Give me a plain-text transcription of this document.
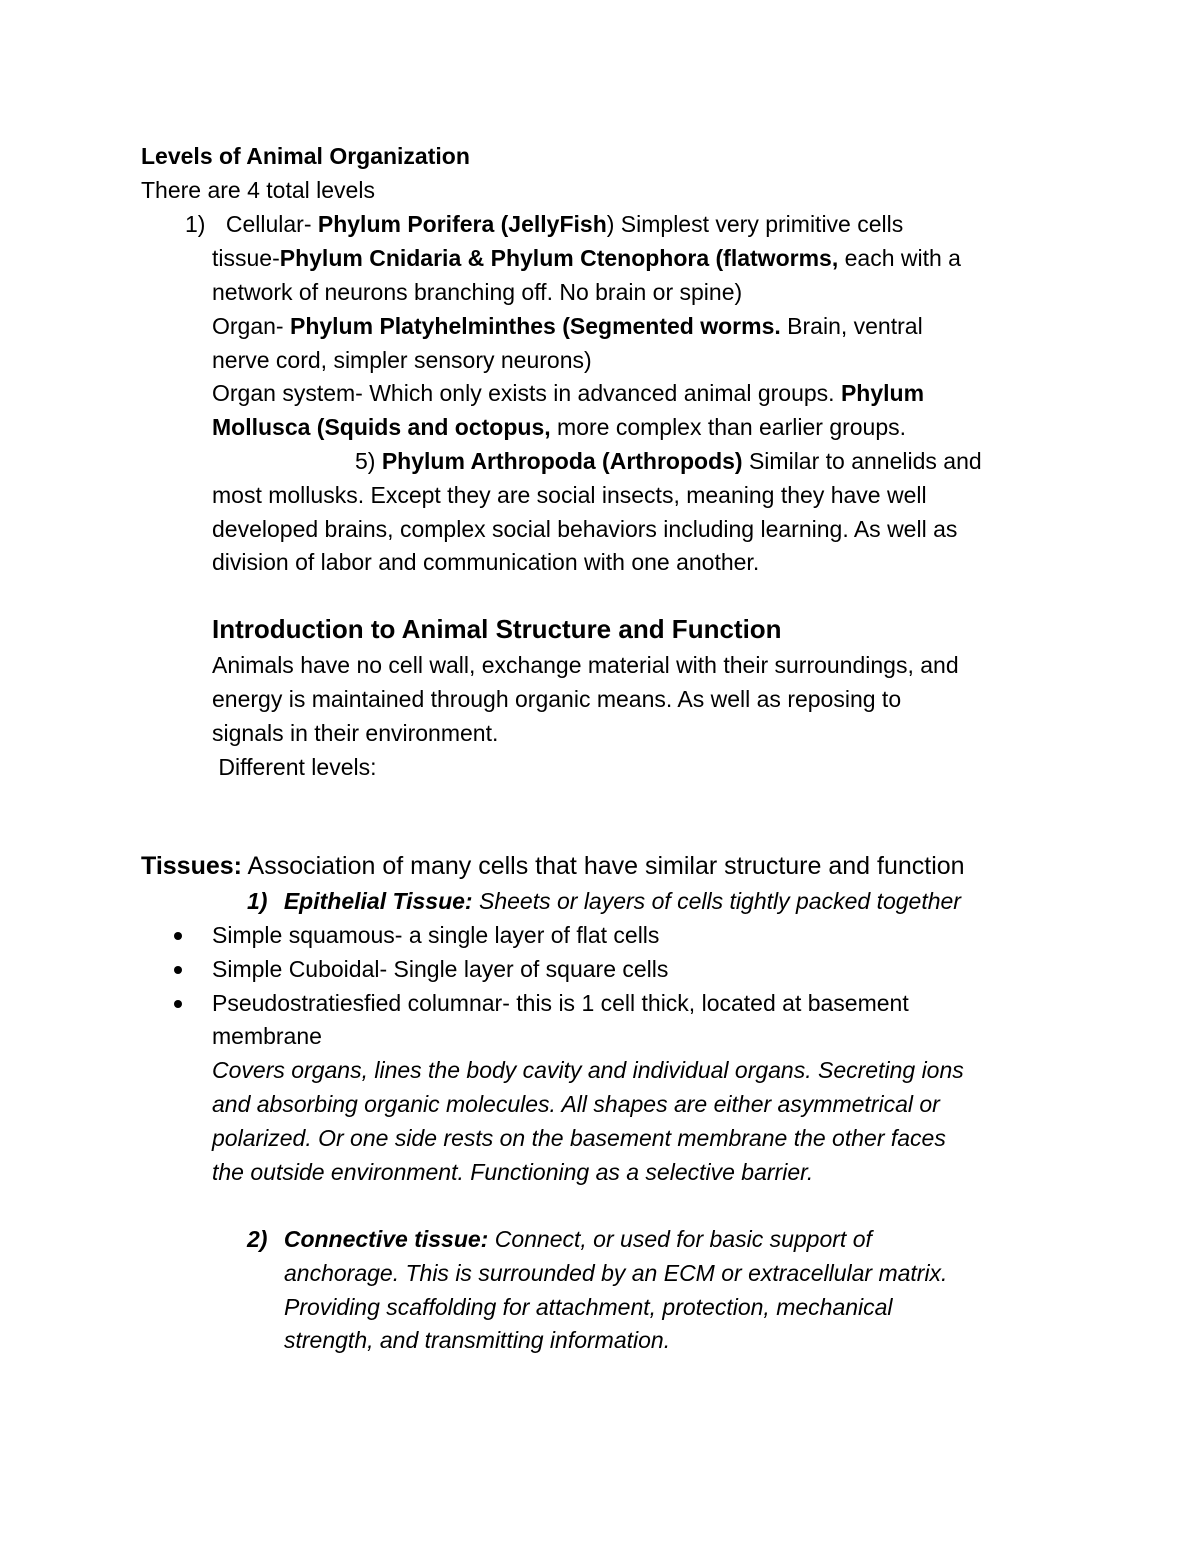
Levels of Animal Organization
There are 4 total levels
1) Cellular- Phylum Porifera (JellyFish) Simplest very primitive cells
tissue-Phylum Cnidaria & Phylum Ctenophora (flatworms, each with a
network of neurons branching off. No brain or spine)
Organ- Phylum Platyhelminthes (Segmented worms. Brain, ventral
nerve cord, simpler sensory neurons)
Organ system- Which only exists in advanced animal groups. Phylum
Mollusca (Squids and octopus, more complex than earlier groups.
5) Phylum Arthropoda (Arthropods) Similar to annelids and
most mollusks. Except they are social insects, meaning they have well
developed brains, complex social behaviors including learning. As well as
division of labor and communication with one another.
Introduction to Animal Structure and Function
Animals have no cell wall, exchange material with their surroundings, and
energy is maintained through organic means. As well as reposing to
signals in their environment.
Different levels:
Tissues: Association of many cells that have similar structure and function
1) Epithelial Tissue: Sheets or layers of cells tightly packed together
Simple squamous- a single layer of flat cells
Simple Cuboidal- Single layer of square cells
Pseudostratiesfied columnar- this is 1 cell thick, located at basement
membrane
Covers organs, lines the body cavity and individual organs. Secreting ions
and absorbing organic molecules. All shapes are either asymmetrical or
polarized. Or one side rests on the basement membrane the other faces
the outside environment. Functioning as a selective barrier.
2) Connective tissue: Connect, or used for basic support of
anchorage. This is surrounded by an ECM or extracellular matrix.
Providing scaffolding for attachment, protection, mechanical
strength, and transmitting information.
